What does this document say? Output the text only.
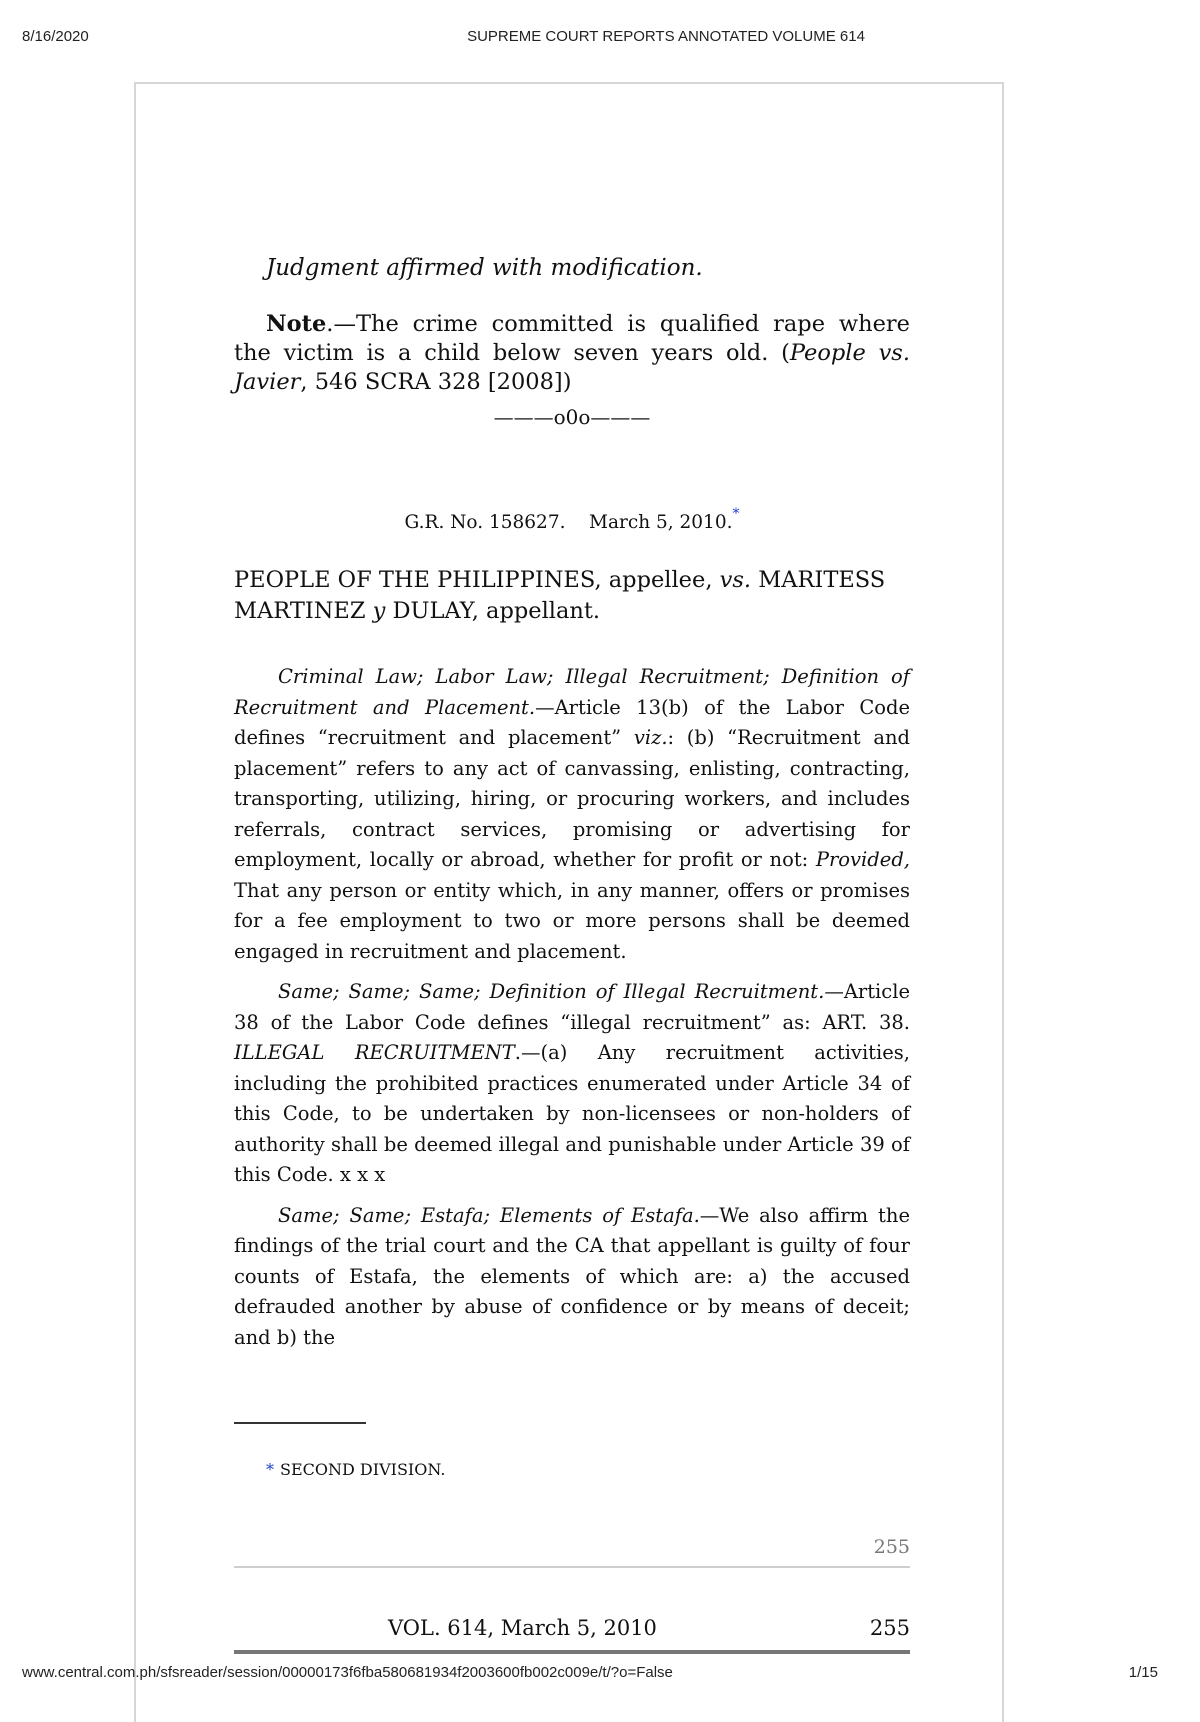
8/16/2020	SUPREME COURT REPORTS ANNOTATED VOLUME 614
Judgment affirmed with modification.
Note.—The crime committed is qualified rape where the victim is a child below seven years old. (People vs. Javier, 546 SCRA 328 [2008])
———o0o———
G.R. No. 158627. March 5, 2010.*
PEOPLE OF THE PHILIPPINES, appellee, vs. MARITESS MARTINEZ y DULAY, appellant.

Criminal Law; Labor Law; Illegal Recruitment; Definition of Recruitment and Placement.—Article 13(b) of the Labor Code defines “recruitment and placement” viz.: (b) “Recruitment and placement” refers to any act of canvassing, enlisting, contracting, transporting, utilizing, hiring, or procuring workers, and includes referrals, contract services, promising or advertising for employment, locally or abroad, whether for profit or not: Provided, That any person or entity which, in any manner, offers or promises for a fee employment to two or more persons shall be deemed engaged in recruitment and placement.

Same; Same; Same; Definition of Illegal Recruitment.—Article 38 of the Labor Code defines “illegal recruitment” as: ART. 38. ILLEGAL RECRUITMENT.—(a) Any recruitment activities, including the prohibited practices enumerated under Article 34 of this Code, to be undertaken by non-licensees or non-holders of authority shall be deemed illegal and punishable under Article 39 of this Code. x x x

Same; Same; Estafa; Elements of Estafa.—We also affirm the findings of the trial court and the CA that appellant is guilty of four counts of Estafa, the elements of which are: a) the accused defrauded another by abuse of confidence or by means of deceit; and b) the

* SECOND DIVISION.
255
VOL. 614, March 5, 2010	255
www.central.com.ph/sfsreader/session/00000173f6fba580681934f2003600fb002c009e/t/?o=False	1/15
